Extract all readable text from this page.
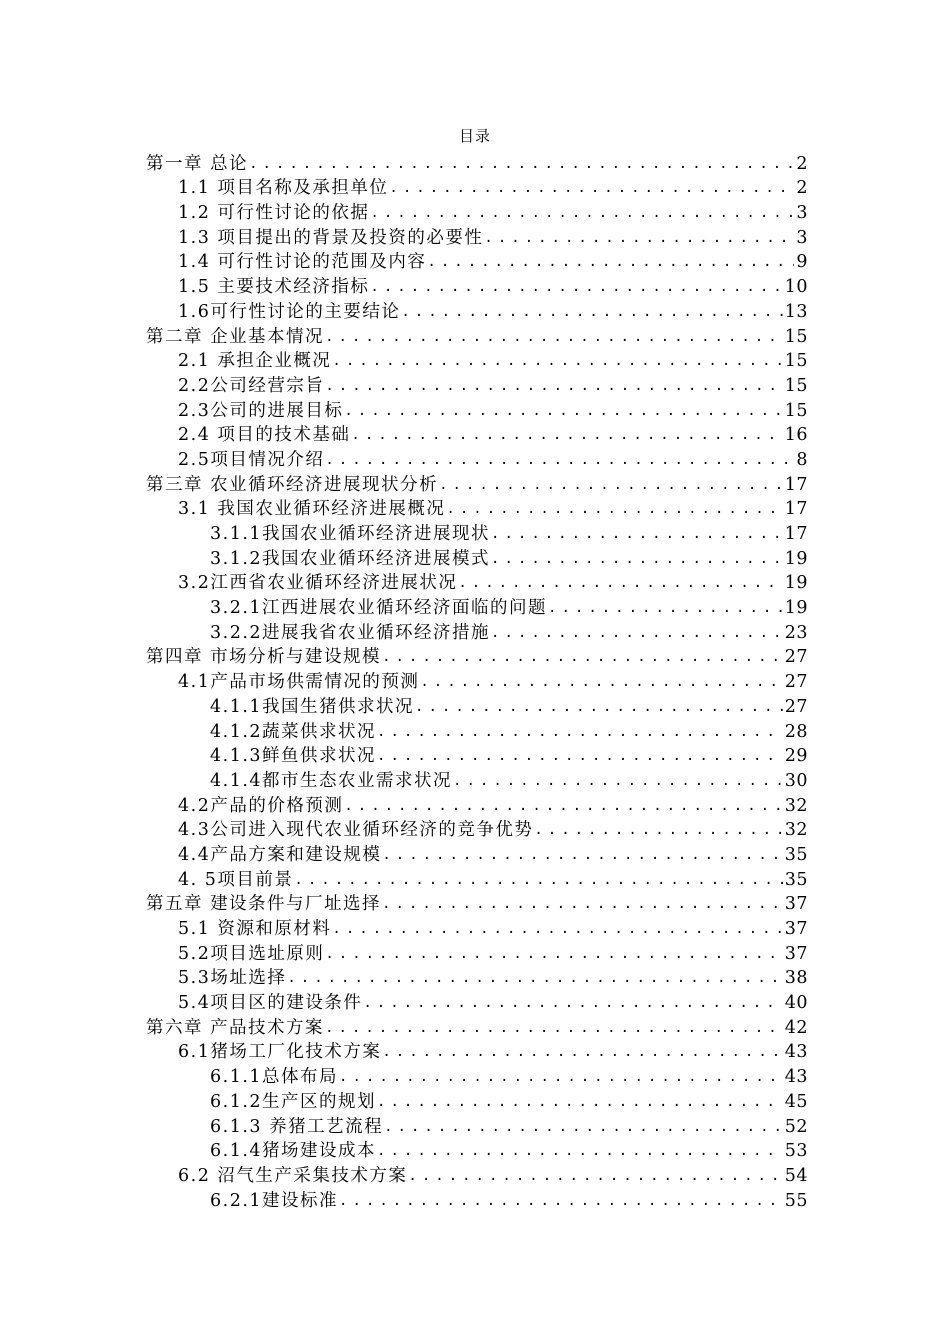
目录
第一章 总论 .....	2
1.1 项目名称及承担单位 .....	2
1.2 可行性讨论的依据 .....	3
1.3 项目提出的背景及投资的必要性 .....	3
1.4 可行性讨论的范围及内容 .....	9
1.5 主要技术经济指标 .....	10
1.6可行性讨论的主要结论 .....	13
第二章 企业基本情况 .....	15
2.1 承担企业概况 .....	15
2.2公司经营宗旨 .....	15
2.3公司的进展目标 .....	15
2.4 项目的技术基础 .....	16
2.5项目情况介绍 .....	8
第三章 农业循环经济进展现状分析 .....	17
3.1 我国农业循环经济进展概况 .....	17
3.1.1我国农业循环经济进展现状 .....	17
3.1.2我国农业循环经济进展模式 .....	19
3.2江西省农业循环经济进展状况 .....	19
3.2.1江西进展农业循环经济面临的问题 .....	19
3.2.2进展我省农业循环经济措施 .....	23
第四章 市场分析与建设规模 .....	27
4.1产品市场供需情况的预测 .....	27
4.1.1我国生猪供求状况 .....	27
4.1.2蔬菜供求状况 .....	28
4.1.3鲜鱼供求状况 .....	29
4.1.4都市生态农业需求状况 .....	30
4.2产品的价格预测 .....	32
4.3公司进入现代农业循环经济的竞争优势 .....	32
4.4产品方案和建设规模 .....	35
4. 5项目前景 .....	35
第五章 建设条件与厂址选择 .....	37
5.1 资源和原材料 .....	37
5.2项目选址原则 .....	37
5.3场址选择 .....	38
5.4项目区的建设条件 .....	40
第六章 产品技术方案 .....	42
6.1猪场工厂化技术方案 .....	43
6.1.1总体布局 .....	43
6.1.2生产区的规划 .....	45
6.1.3 养猪工艺流程 .....	52
6.1.4猪场建设成本 .....	53
6.2 沼气生产采集技术方案 .....	54
6.2.1建设标准 .....	55
